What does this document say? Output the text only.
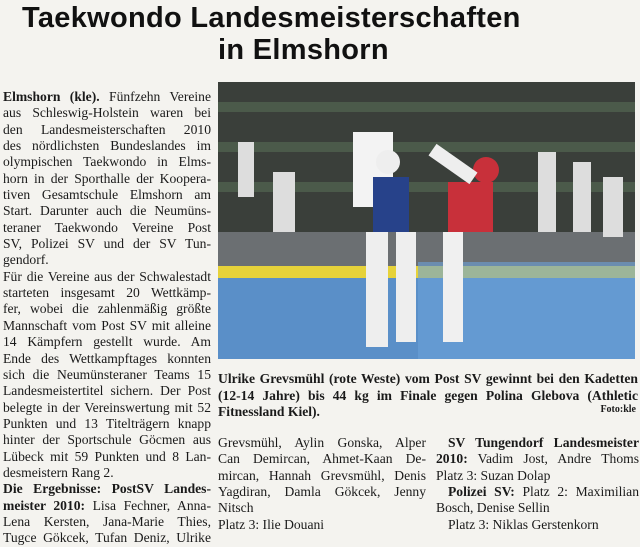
Taekwondo Landesmeisterschaften
in Elmshorn
Elmshorn (kle). Fünfzehn Vereine
aus Schleswig-Holstein waren bei
den Landesmeisterschaften 2010
des nördlichsten Bundeslandes im
olympischen Taekwondo in Elms-
horn in der Sporthalle der Koopera-
tiven Gesamtschule Elmshorn am
Start. Darunter auch die Neumüns-
teraner Taekwondo Vereine Post
SV, Polizei SV und der SV Tun-
gendorf.
Für die Vereine aus der Schwalestadt
starteten insgesamt 20 Wettkämp-
fer, wobei die zahlenmäßig größte
Mannschaft vom Post SV mit alleine
14 Kämpfern gestellt wurde. Am
Ende des Wettkampftages konnten
sich die Neumünsteraner Teams 15
Landesmeistertitel sichern. Der Post
belegte in der Vereinswertung mit 52
Punkten und 13 Titelträgern knapp
hinter der Sportschule Göcmen aus
Lübeck mit 59 Punkten und 8 Lan-
desmeistern Rang 2.
Die Ergebnisse: PostSV Landes-
meister 2010: Lisa Fechner, Anna-
Lena Kersten, Jana-Marie Thies,
Tugce Gökcek, Tufan Deniz, Ulrike
Ulrike Grevsmühl (rote Weste) vom Post SV gewinnt bei den Kadetten (12-14 Jahre) bis 44 kg im Finale gegen Polina Glebova (Athletic Fitnessland Kiel).	Foto:kle
Grevsmühl, Aylin Gonska, Alper
Can Demircan, Ahmet-Kaan De-
mircan, Hannah Grevsmühl, Denis
Yagdiran, Damla Gökcek, Jenny
Nitsch
Platz 3: Ilie Douani
SV Tungendorf Landesmeister
2010: Vadim Jost, Andre Thoms
Platz 3: Suzan Dolap
Polizei SV: Platz 2: Maximilian
Bosch, Denise Sellin
Platz 3: Niklas Gerstenkorn
